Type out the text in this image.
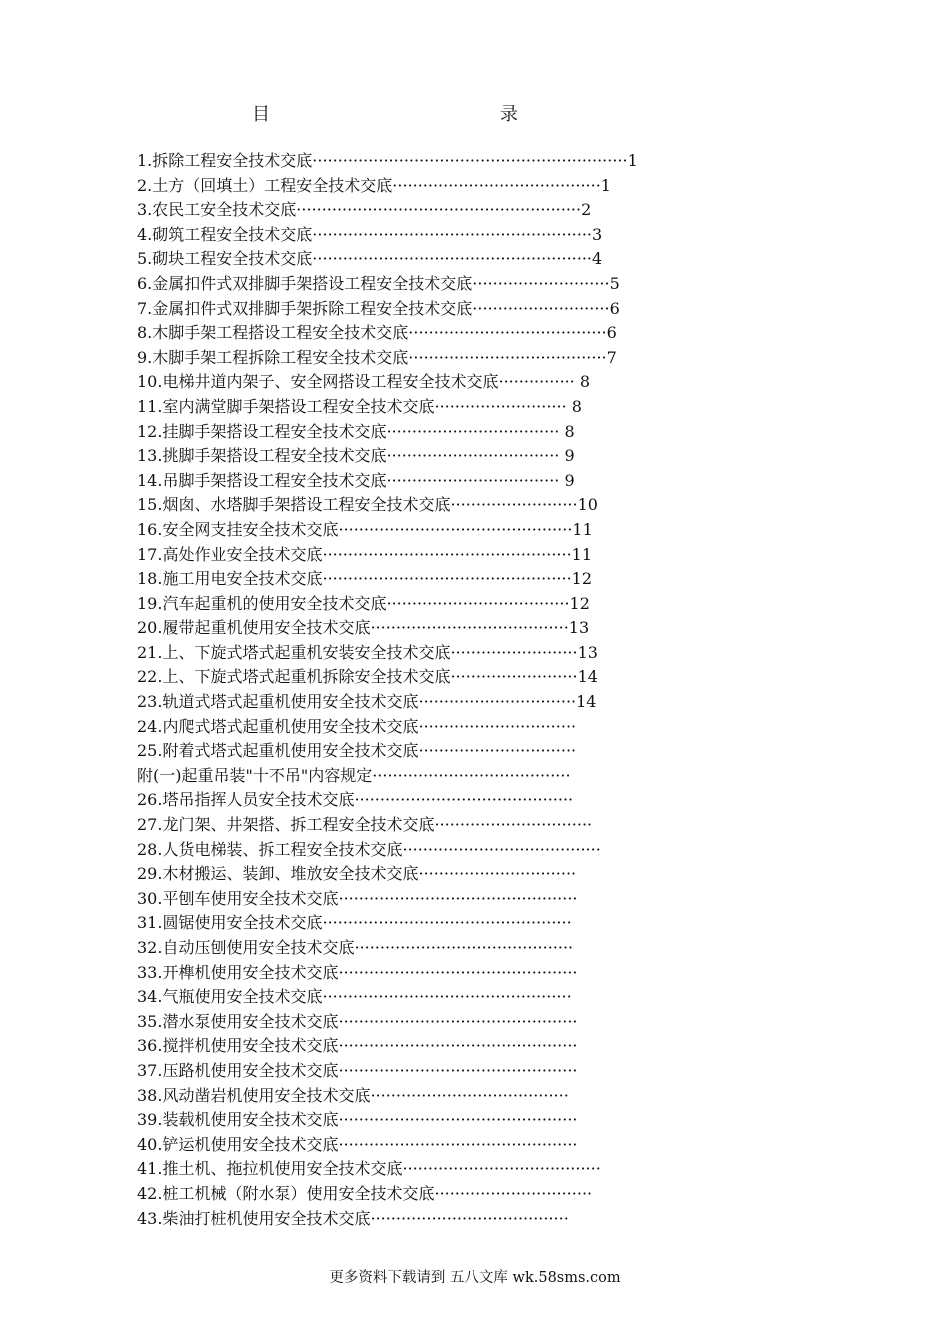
目	录
1.拆除工程安全技术交底······························································1
2.土方（回填土）工程安全技术交底·········································1
3.农民工安全技术交底························································2
4.砌筑工程安全技术交底·······················································3
5.砌块工程安全技术交底·······················································4
6.金属扣件式双排脚手架搭设工程安全技术交底···························5
7.金属扣件式双排脚手架拆除工程安全技术交底···························6
8.木脚手架工程搭设工程安全技术交底·······································6
9.木脚手架工程拆除工程安全技术交底·······································7
10.电梯井道内架子、安全网搭设工程安全技术交底··············· 8
11.室内满堂脚手架搭设工程安全技术交底·························· 8
12.挂脚手架搭设工程安全技术交底·································· 8
13.挑脚手架搭设工程安全技术交底·································· 9
14.吊脚手架搭设工程安全技术交底·································· 9
15.烟囱、水塔脚手架搭设工程安全技术交底·························10
16.安全网支挂安全技术交底··············································11
17.高处作业安全技术交底·················································11
18.施工用电安全技术交底·················································12
19.汽车起重机的使用安全技术交底····································12
20.履带起重机使用安全技术交底·······································13
21.上、下旋式塔式起重机安装安全技术交底·························13
22.上、下旋式塔式起重机拆除安全技术交底·························14
23.轨道式塔式起重机使用安全技术交底·······························14
24.内爬式塔式起重机使用安全技术交底·······························
25.附着式塔式起重机使用安全技术交底·······························
附(一)起重吊装"十不吊"内容规定·······································
26.塔吊指挥人员安全技术交底···········································
27.龙门架、井架搭、拆工程安全技术交底·······························
28.人货电梯装、拆工程安全技术交底·······································
29.木材搬运、装卸、堆放安全技术交底·······························
30.平刨车使用安全技术交底···············································
31.圆锯使用安全技术交底·················································
32.自动压刨使用安全技术交底···········································
33.开榫机使用安全技术交底···············································
34.气瓶使用安全技术交底·················································
35.潜水泵使用安全技术交底···············································
36.搅拌机使用安全技术交底···············································
37.压路机使用安全技术交底···············································
38.风动凿岩机使用安全技术交底·······································
39.装载机使用安全技术交底···············································
40.铲运机使用安全技术交底···············································
41.推土机、拖拉机使用安全技术交底·······································
42.桩工机械（附水泵）使用安全技术交底·······························
43.柴油打桩机使用安全技术交底·······································
更多资料下载请到 五八文库 wk.58sms.com
